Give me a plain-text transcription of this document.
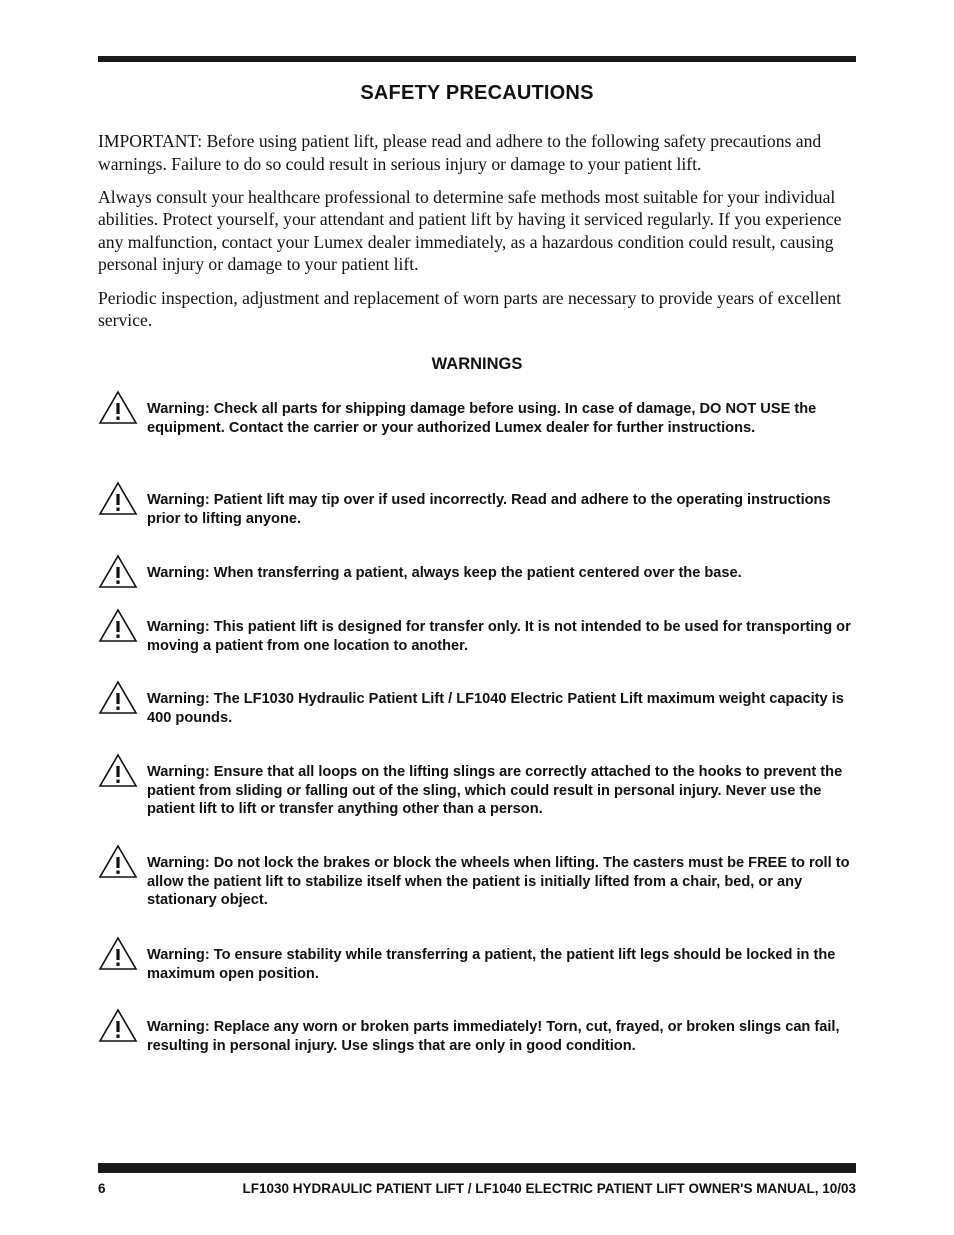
SAFETY PRECAUTIONS

IMPORTANT: Before using patient lift, please read and adhere to the following safety precautions and warnings. Failure to do so could result in serious injury or damage to your patient lift.

Always consult your healthcare professional to determine safe methods most suitable for your individual abilities. Protect yourself, your attendant and patient lift by having it serviced regularly. If you experience any malfunction, contact your Lumex dealer immediately, as a hazardous condition could result, causing personal injury or damage to your patient lift.

Periodic inspection, adjustment and replacement of worn parts are necessary to provide years of excellent service.

WARNINGS
Warning: Check all parts for shipping damage before using. In case of damage, DO NOT USE the equipment. Contact the carrier or your authorized Lumex dealer for further instructions.
Warning: Patient lift may tip over if used incorrectly. Read and adhere to the operating instructions prior to lifting anyone.
Warning: When transferring a patient, always keep the patient centered over the base.
Warning: This patient lift is designed for transfer only. It is not intended to be used for transporting or moving a patient from one location to another.
Warning: The LF1030 Hydraulic Patient Lift / LF1040 Electric Patient Lift maximum weight capacity is 400 pounds.
Warning: Ensure that all loops on the lifting slings are correctly attached to the hooks to prevent the patient from sliding or falling out of the sling, which could result in personal injury. Never use the patient lift to lift or transfer anything other than a person.
Warning: Do not lock the brakes or block the wheels when lifting. The casters must be FREE to roll to allow the patient lift to stabilize itself when the patient is initially lifted from a chair, bed, or any stationary object.
Warning: To ensure stability while transferring a patient, the patient lift legs should be locked in the maximum open position.
Warning: Replace any worn or broken parts immediately! Torn, cut, frayed, or broken slings can fail, resulting in personal injury. Use slings that are only in good condition.
6	LF1030 HYDRAULIC PATIENT LIFT / LF1040 ELECTRIC PATIENT LIFT OWNER'S MANUAL, 10/03
